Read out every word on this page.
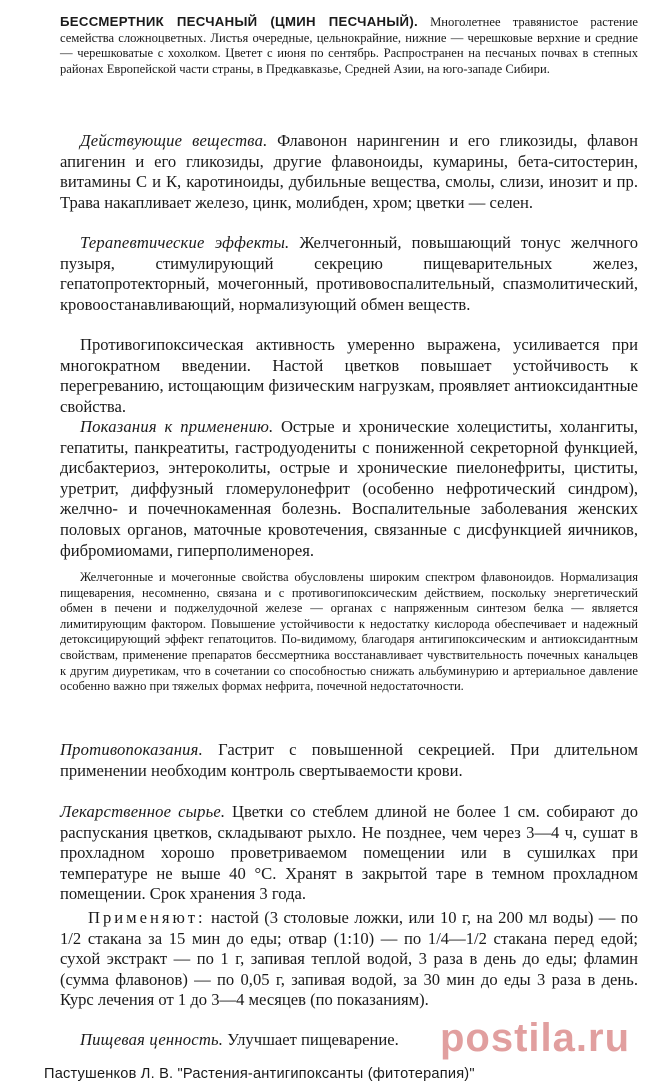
БЕССМЕРТНИК ПЕСЧАНЫЙ (ЦМИН ПЕСЧАНЫЙ). Многолетнее травянистое растение семейства сложноцветных. Листья очередные, цельнокрайние, нижние — черешковые верхние и средние — черешковатые с хохолком. Цветет с июня по сентябрь. Распространен на песчаных почвах в степных районах Европейской части страны, в Предкавказье, Средней Азии, на юго-западе Сибири.

Действующие вещества. Флавонон нарингенин и его гликозиды, флавон апигенин и его гликозиды, другие флавоноиды, кумарины, бета-ситостерин, витамины С и К, каротиноиды, дубильные вещества, смолы, слизи, инозит и пр. Трава накапливает железо, цинк, молибден, хром; цветки — селен.

Терапевтические эффекты. Желчегонный, повышающий тонус желчного пузыря, стимулирующий секрецию пищеварительных желез, гепатопротекторный, мочегонный, противовоспалительный, спазмолитический, кровоостанавливающий, нормализующий обмен веществ.

Противогипоксическая активность умеренно выражена, усиливается при многократном введении. Настой цветков повышает устойчивость к перегреванию, истощающим физическим нагрузкам, проявляет антиоксидантные свойства.

Показания к применению. Острые и хронические холециститы, холангиты, гепатиты, панкреатиты, гастродуодениты с пониженной секреторной функцией, дисбактериоз, энтероколиты, острые и хронические пиелонефриты, циститы, уретрит, диффузный гломерулонефрит (особенно нефротический синдром), желчно- и почечнокаменная болезнь. Воспалительные заболевания женских половых органов, маточные кровотечения, связанные с дисфункцией яичников, фибромиомами, гиперполименорея.

Желчегонные и мочегонные свойства обусловлены широким спектром флавоноидов. Нормализация пищеварения, несомненно, связана и с противогипоксическим действием, поскольку энергетический обмен в печени и поджелудочной железе — органах с напряженным синтезом белка — является лимитирующим фактором. Повышение устойчивости к недостатку кислорода обеспечивает и надежный детоксицирующий эффект гепатоцитов. По-видимому, благодаря антигипоксическим и антиоксидантным свойствам, применение препаратов бессмертника восстанавливает чувствительность почечных канальцев к другим диуретикам, что в сочетании со способностью снижать альбуминурию и артериальное давление особенно важно при тяжелых формах нефрита, почечной недостаточности.

Противопоказания. Гастрит с повышенной секрецией. При длительном применении необходим контроль свертываемости крови.

Лекарственное сырье. Цветки со стеблем длиной не более 1 см. собирают до распускания цветков, складывают рыхло. Не позднее, чем через 3—4 ч, сушат в прохладном хорошо проветриваемом помещении или в сушилках при температуре не выше 40 °С. Хранят в закрытой таре в темном прохладном помещении. Срок хранения 3 года.

Применяют: настой (3 столовые ложки, или 10 г, на 200 мл воды) — по 1/2 стакана за 15 мин до еды; отвар (1:10) — по 1/4—1/2 стакана перед едой; сухой экстракт — по 1 г, запивая теплой водой, 3 раза в день до еды; фламин (сумма флавонов) — по 0,05 г, запивая водой, за 30 мин до еды 3 раза в день. Курс лечения от 1 до 3—4 месяцев (по показаниям).

Пищевая ценность. Улучшает пищеварение.	postila.ru
Пастушенков Л. В. "Растения-антигипоксанты (фитотерапия)"
